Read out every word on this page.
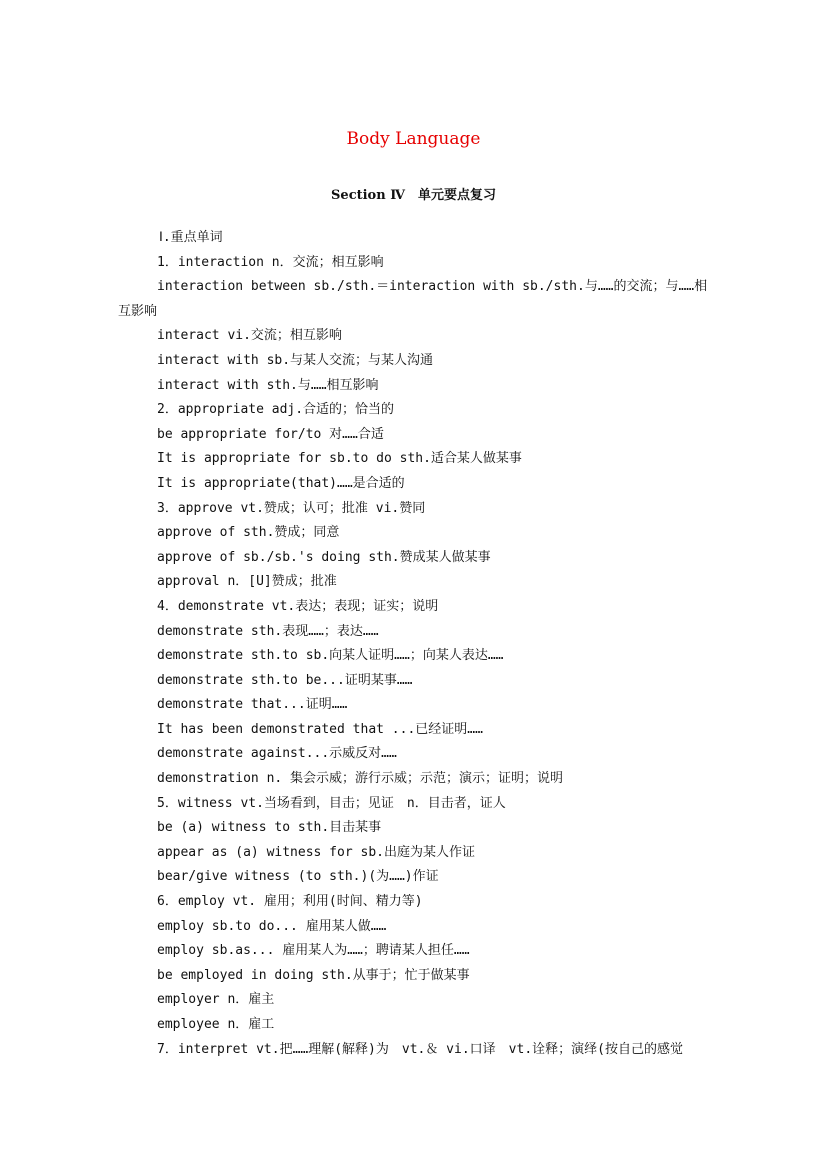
Body Language
Section Ⅳ　单元要点复习
Ⅰ.重点单词
1．interaction n．交流；相互影响
interaction between sb./sth.＝interaction with sb./sth.与……的交流；与……相
互影响
interact vi.交流；相互影响
interact with sb.与某人交流；与某人沟通
interact with sth.与……相互影响
2．appropriate adj.合适的；恰当的
be appropriate for/to 对……合适
It is appropriate for sb.to do sth.适合某人做某事
It is appropriate(that)……是合适的
3．approve vt.赞成；认可；批准 vi.赞同
approve of sth.赞成；同意
approve of sb./sb.'s doing sth.赞成某人做某事
approval n．[U]赞成；批准
4．demonstrate vt.表达；表现；证实；说明
demonstrate sth.表现……；表达……
demonstrate sth.to sb.向某人证明……；向某人表达……
demonstrate sth.to be...证明某事……
demonstrate that...证明……
It has been demonstrated that ...已经证明……
demonstrate against...示威反对……
demonstration n. 集会示威；游行示威；示范；演示；证明；说明
5．witness vt.当场看到，目击；见证　n．目击者，证人
be (a) witness to sth.目击某事
appear as (a) witness for sb.出庭为某人作证
bear/give witness (to sth.)(为……)作证
6．employ vt. 雇用；利用(时间、精力等)
employ sb.to do... 雇用某人做……
employ sb.as... 雇用某人为……；聘请某人担任……
be employed in doing sth.从事于；忙于做某事
employer n．雇主
employee n．雇工
7．interpret vt.把……理解(解释)为　vt.＆ vi.口译　vt.诠释；演绎(按自己的感觉
